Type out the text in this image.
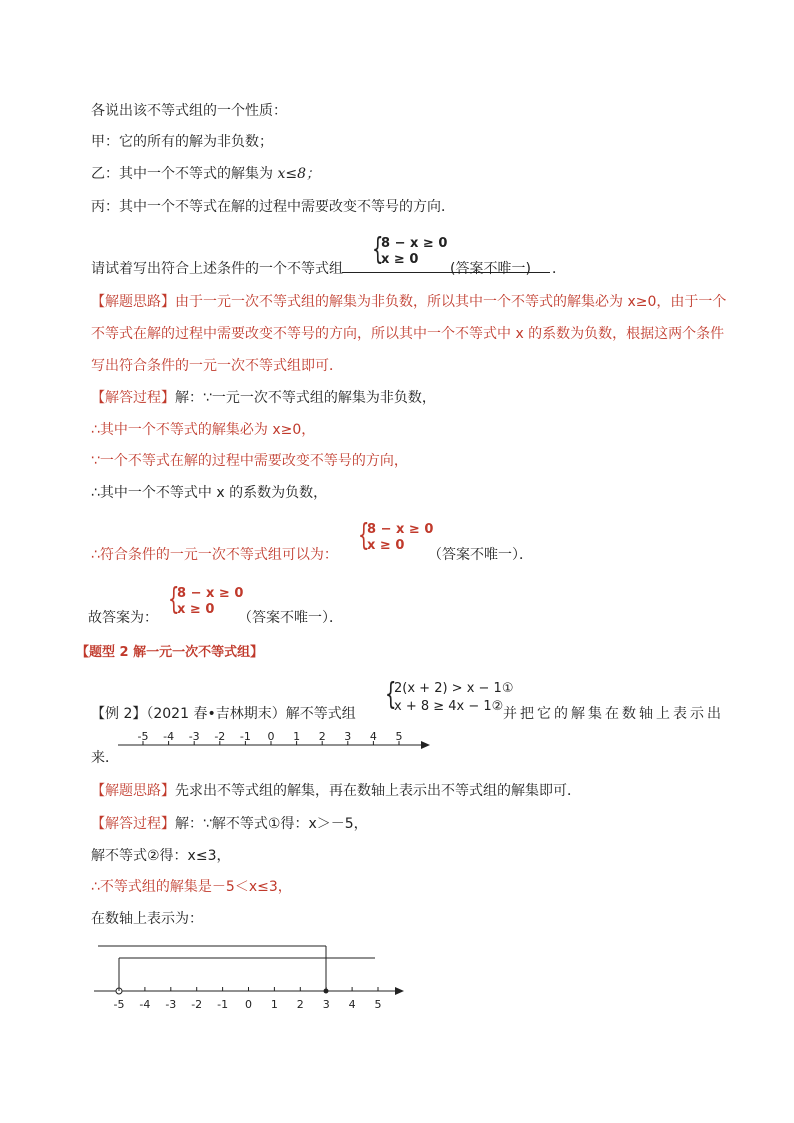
各说出该不等式组的一个性质：
甲：它的所有的解为非负数；
乙：其中一个不等式的解集为 x≤8；
丙：其中一个不等式在解的过程中需要改变不等号的方向．
请试着写出符合上述条件的一个不等式组
{
8 − x ≥ 0
x ≥ 0
(答案不唯一) ．
【解题思路】由于一元一次不等式组的解集为非负数，所以其中一个不等式的解集必为 x≥0，由于一个
不等式在解的过程中需要改变不等号的方向，所以其中一个不等式中 x 的系数为负数，根据这两个条件
写出符合条件的一元一次不等式组即可．
【解答过程】解：∵一元一次不等式组的解集为非负数，
∴其中一个不等式的解集必为 x≥0，
∵一个不等式在解的过程中需要改变不等号的方向，
∴其中一个不等式中 x 的系数为负数，
∴符合条件的一元一次不等式组可以为：
{
8 − x ≥ 0
x ≥ 0
（答案不唯一）．
故答案为：
{
8 − x ≥ 0
x ≥ 0
（答案不唯一）．
【题型 2 解一元一次不等式组】
【例 2】（2021 春•吉林期末）解不等式组
{
2(x + 2) > x − 1①
x + 8 ≥ 4x − 1② 并把它的解集在数轴上表示出
来．
-5 -4 -3 -2 -1 0 1 2 3 4 5
【解题思路】先求出不等式组的解集，再在数轴上表示出不等式组的解集即可．
【解答过程】解：∵解不等式①得：x＞－5，
解不等式②得：x≤3，
∴不等式组的解集是－5＜x≤3，
在数轴上表示为：
-5 -4 -3 -2 -1 0 1 2 3 4 5
